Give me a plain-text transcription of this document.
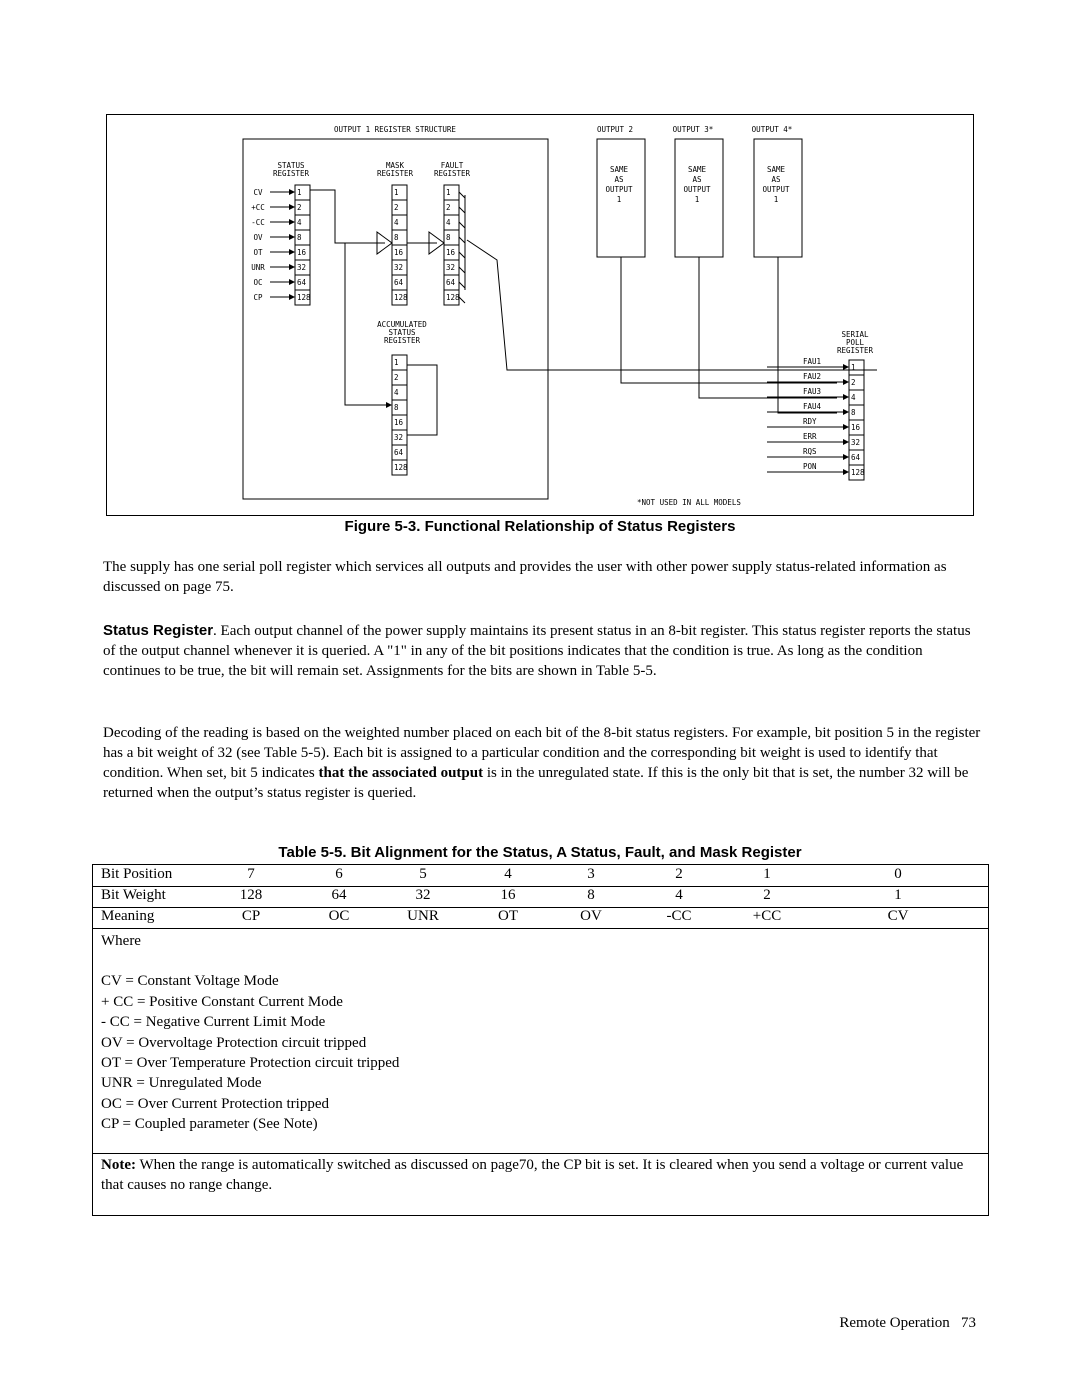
OUTPUT 1 REGISTER STRUCTURE	OUTPUT 2
SAME
AS
OUTPUT
1
OUTPUT 3*
SAME
AS
OUTPUT
1
OUTPUT 4*
SAME
AS
OUTPUT
1
STATUS
REGISTER
1
2
4
8
16
32
64
128
MASK
REGISTER
1
2
4
8
16
32
64
128
FAULT
REGISTER
1
2
4
8
16
32
64
128
CV
+CC
-CC
OV
OT
UNR
OC
CP
ACCUMULATED
STATUS
REGISTER
1
2
4
8
16
32
64
128
SERIAL
POLL
REGISTER
1
2
4
8
16
32
64
128
FAU1
FAU2
FAU3
FAU4
RDY
ERR
RQS
PON
*NOT USED IN ALL MODELS
Figure 5-3. Functional Relationship of Status Registers
The supply has one serial poll register which services all outputs and provides the user with other power supply status-related information as discussed on page 75.
Status Register. Each output channel of the power supply maintains its present status in an 8-bit register. This status register reports the status of the output channel whenever it is queried. A "1" in any of the bit positions indicates that the condition is true. As long as the condition continues to be true, the bit will remain set. Assignments for the bits are shown in Table 5-5.
Decoding of the reading is based on the weighted number placed on each bit of the 8-bit status registers. For example, bit position 5 in the register has a bit weight of 32 (see Table 5-5). Each bit is assigned to a particular condition and the corresponding bit weight is used to identify that condition. When set, bit 5 indicates that the associated output is in the unregulated state. If this is the only bit that is set, the number 32 will be returned when the output’s status register is queried.
Table 5-5. Bit Alignment for the Status, A Status, Fault, and Mask Register
Bit Position	7	6	5	4	3	2	1	0
Bit Weight	128	64	32	16	8	4	2	1
Meaning	CP	OC	UNR	OT	OV	-CC	+CC	CV
Where
CV = Constant Voltage Mode
+ CC = Positive Constant Current Mode
- CC = Negative Current Limit Mode
OV = Overvoltage Protection circuit tripped
OT = Over Temperature Protection circuit tripped
UNR = Unregulated Mode
OC = Over Current Protection tripped
CP = Coupled parameter (See Note)
Note: When the range is automatically switched as discussed on page70, the CP bit is set. It is cleared when you send a voltage or current value that causes no range change.
Remote Operation 73
